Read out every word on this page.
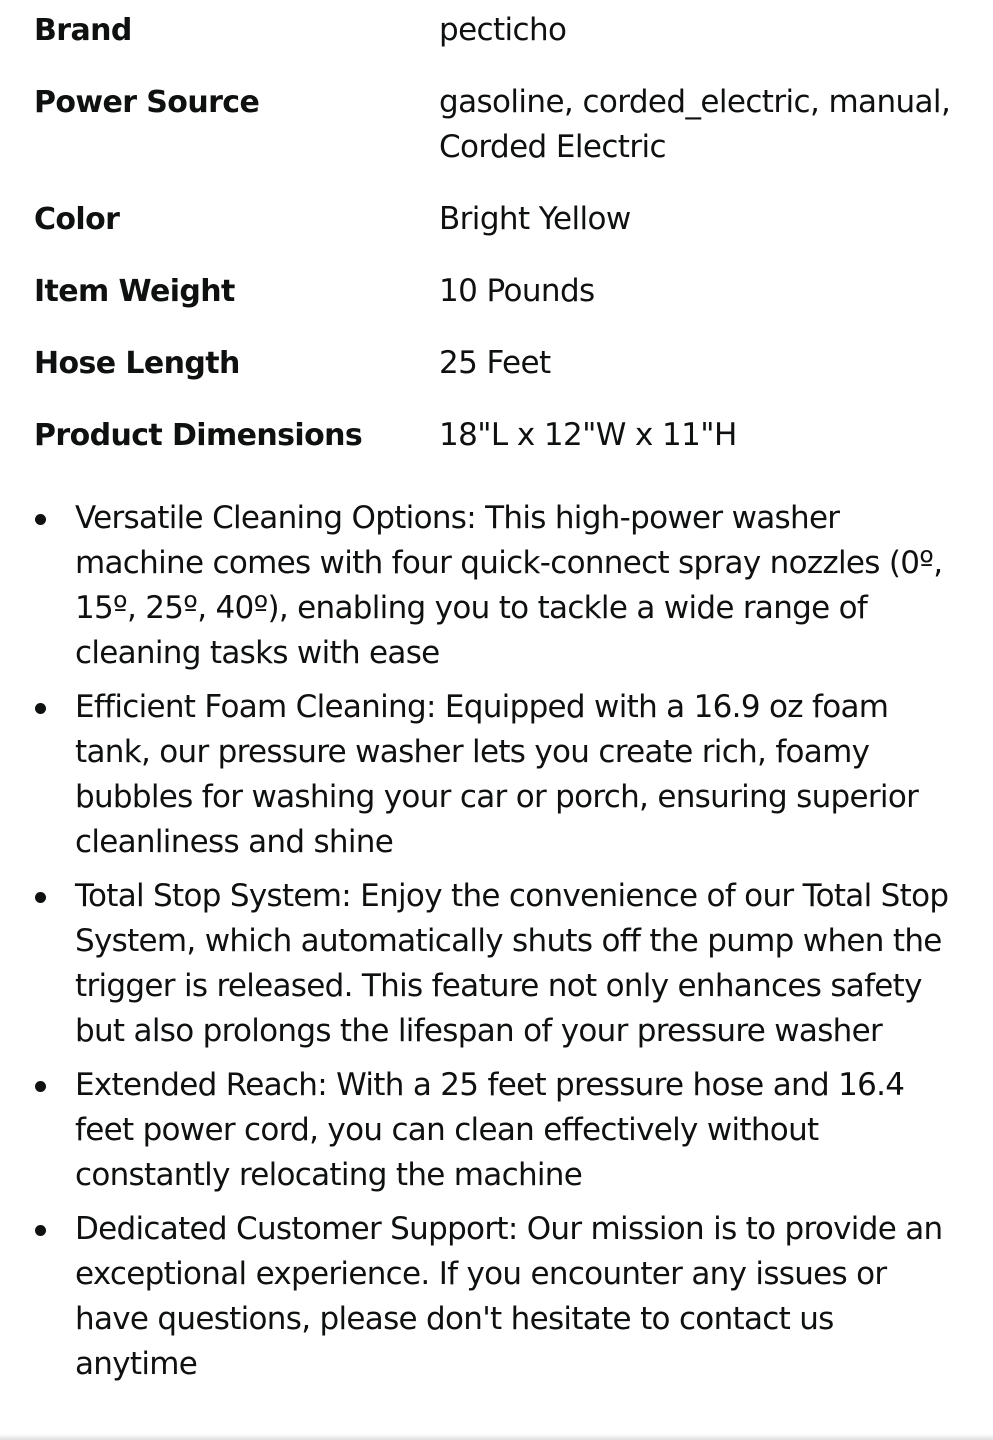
Brand	pecticho
Power Source	gasoline, corded_electric, manual, Corded Electric
Color	Bright Yellow
Item Weight	10 Pounds
Hose Length	25 Feet
Product Dimensions	18"L x 12"W x 11"H
Versatile Cleaning Options: This high-power washer machine comes with four quick-connect spray nozzles (0º, 15º, 25º, 40º), enabling you to tackle a wide range of cleaning tasks with ease
Efficient Foam Cleaning: Equipped with a 16.9 oz foam tank, our pressure washer lets you create rich, foamy bubbles for washing your car or porch, ensuring superior cleanliness and shine
Total Stop System: Enjoy the convenience of our Total Stop System, which automatically shuts off the pump when the trigger is released. This feature not only enhances safety but also prolongs the lifespan of your pressure washer
Extended Reach: With a 25 feet pressure hose and 16.4 feet power cord, you can clean effectively without constantly relocating the machine
Dedicated Customer Support: Our mission is to provide an exceptional experience. If you encounter any issues or have questions, please don't hesitate to contact us anytime
